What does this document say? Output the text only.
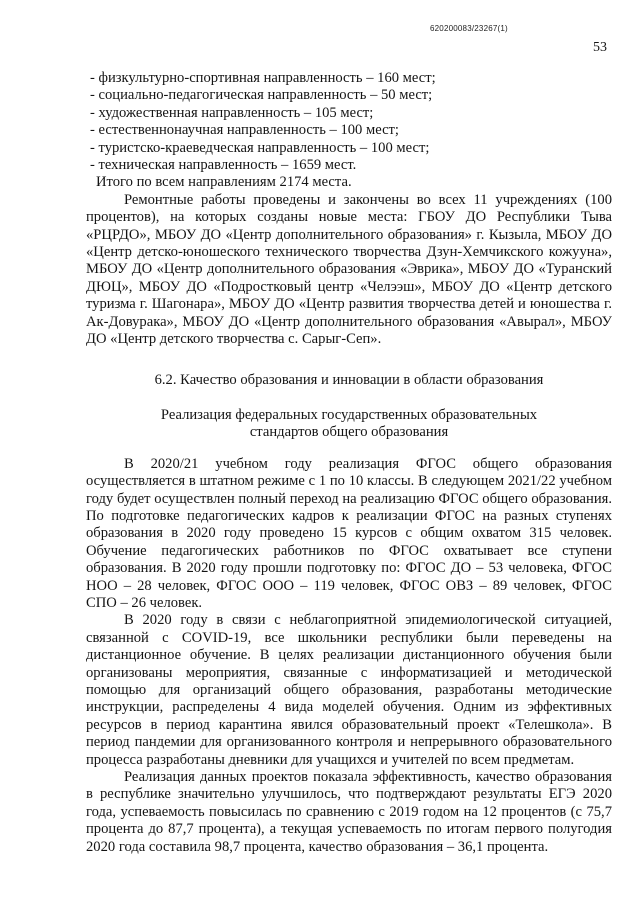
620200083/23267(1)
53
- физкультурно-спортивная направленность – 160 мест;
- социально-педагогическая направленность – 50 мест;
- художественная направленность – 105 мест;
- естественнонаучная направленность – 100 мест;
- туристско-краеведческая направленность – 100 мест;
- техническая направленность – 1659 мест.

Итого по всем направлениям 2174 места.

Ремонтные работы проведены и закончены во всех 11 учреждениях (100 процентов), на которых созданы новые места: ГБОУ ДО Республики Тыва «РЦРДО», МБОУ ДО «Центр дополнительного образования» г. Кызыла, МБОУ ДО «Центр детско-юношеского технического творчества Дзун-Хемчикского кожууна», МБОУ ДО «Центр дополнительного образования «Эврика», МБОУ ДО «Туранский ДЮЦ», МБОУ ДО «Подростковый центр «Челээш», МБОУ ДО «Центр детского туризма г. Шагонара», МБОУ ДО «Центр развития творчества детей и юношества г. Ак-Довурака», МБОУ ДО «Центр дополнительного образования «Авырал», МБОУ ДО «Центр детского творчества с. Сарыг-Сеп».

6.2. Качество образования и инновации в области образования

Реализация федеральных государственных образовательных
стандартов общего образования

В 2020/21 учебном году реализация ФГОС общего образования осуществляется в штатном режиме с 1 по 10 классы. В следующем 2021/22 учебном году будет осуществлен полный переход на реализацию ФГОС общего образования. По подготовке педагогических кадров к реализации ФГОС на разных ступенях образования в 2020 году проведено 15 курсов с общим охватом 315 человек. Обучение педагогических работников по ФГОС охватывает все ступени образования. В 2020 году прошли подготовку по: ФГОС ДО – 53 человека, ФГОС НОО – 28 человек, ФГОС ООО – 119 человек, ФГОС ОВЗ – 89 человек, ФГОС СПО – 26 человек.

В 2020 году в связи с неблагоприятной эпидемиологической ситуацией, связанной с COVID-19, все школьники республики были переведены на дистанционное обучение. В целях реализации дистанционного обучения были организованы мероприятия, связанные с информатизацией и методической помощью для организаций общего образования, разработаны методические инструкции, распределены 4 вида моделей обучения. Одним из эффективных ресурсов в период карантина явился образовательный проект «Телешкола». В период пандемии для организованного контроля и непрерывного образовательного процесса разработаны дневники для учащихся и учителей по всем предметам.

Реализация данных проектов показала эффективность, качество образования в республике значительно улучшилось, что подтверждают результаты ЕГЭ 2020 года, успеваемость повысилась по сравнению с 2019 годом на 12 процентов (с 75,7 процента до 87,7 процента), а текущая успеваемость по итогам первого полугодия 2020 года составила 98,7 процента, качество образования – 36,1 процента.
